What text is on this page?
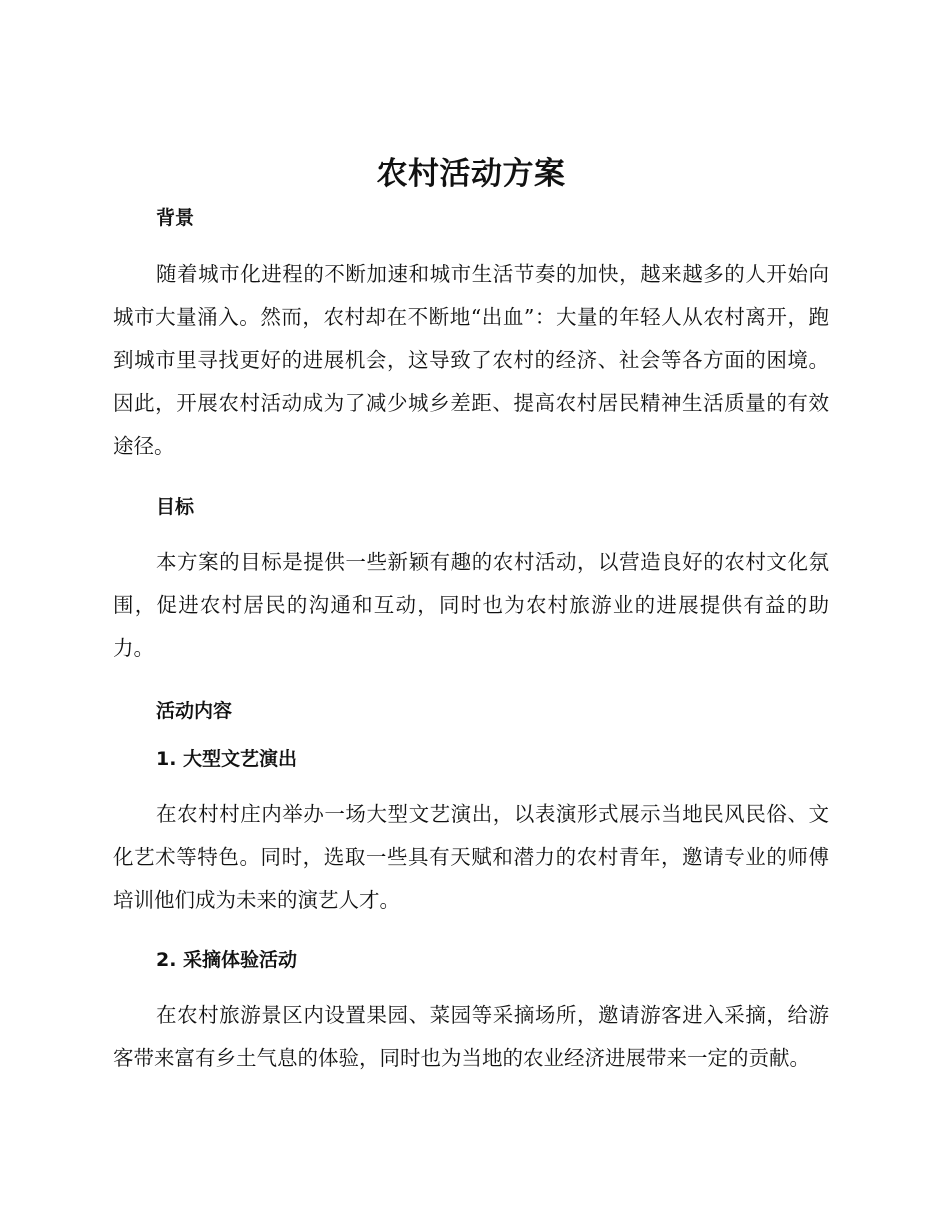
农村活动方案
背景

随着城市化进程的不断加速和城市生活节奏的加快，越来越多的人开始向城市大量涌入。然而，农村却在不断地“出血”：大量的年轻人从农村离开，跑到城市里寻找更好的进展机会，这导致了农村的经济、社会等各方面的困境。因此，开展农村活动成为了减少城乡差距、提高农村居民精神生活质量的有效途径。

目标

本方案的目标是提供一些新颖有趣的农村活动，以营造良好的农村文化氛围，促进农村居民的沟通和互动，同时也为农村旅游业的进展提供有益的助力。

活动内容
1. 大型文艺演出

在农村村庄内举办一场大型文艺演出，以表演形式展示当地民风民俗、文化艺术等特色。同时，选取一些具有天赋和潜力的农村青年，邀请专业的师傅培训他们成为未来的演艺人才。

2. 采摘体验活动

在农村旅游景区内设置果园、菜园等采摘场所，邀请游客进入采摘，给游客带来富有乡土气息的体验，同时也为当地的农业经济进展带来一定的贡献。
